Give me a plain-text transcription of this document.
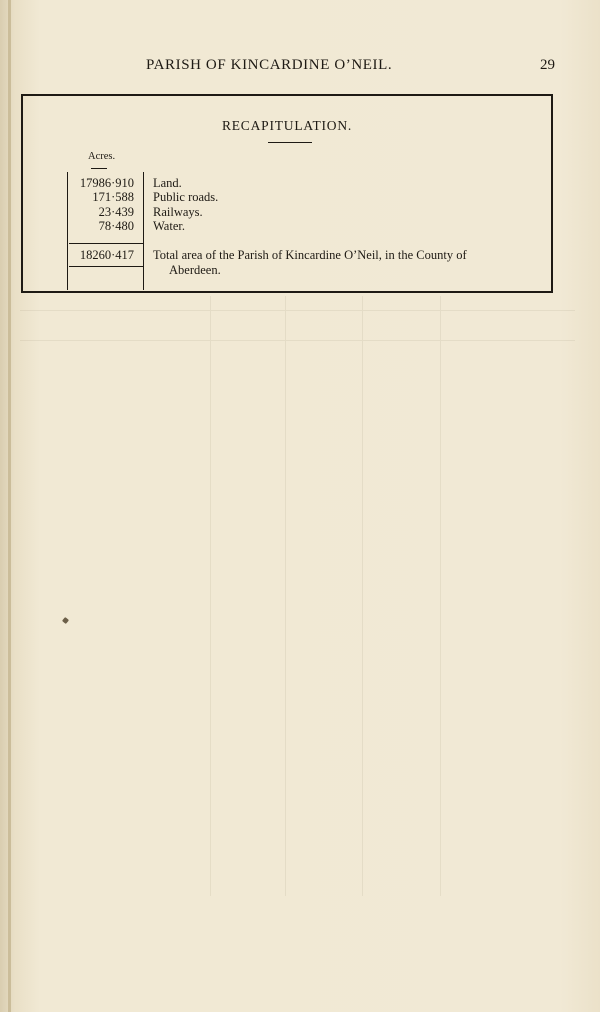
PARISH OF KINCARDINE O’NEIL.	29
RECAPITULATION.
Acres.
17986·910 Land.
171·588 Public roads.
23·439 Railways.
78·480 Water.
18260·417 Total area of the Parish of Kincardine O’Neil, in the County of
Aberdeen.
